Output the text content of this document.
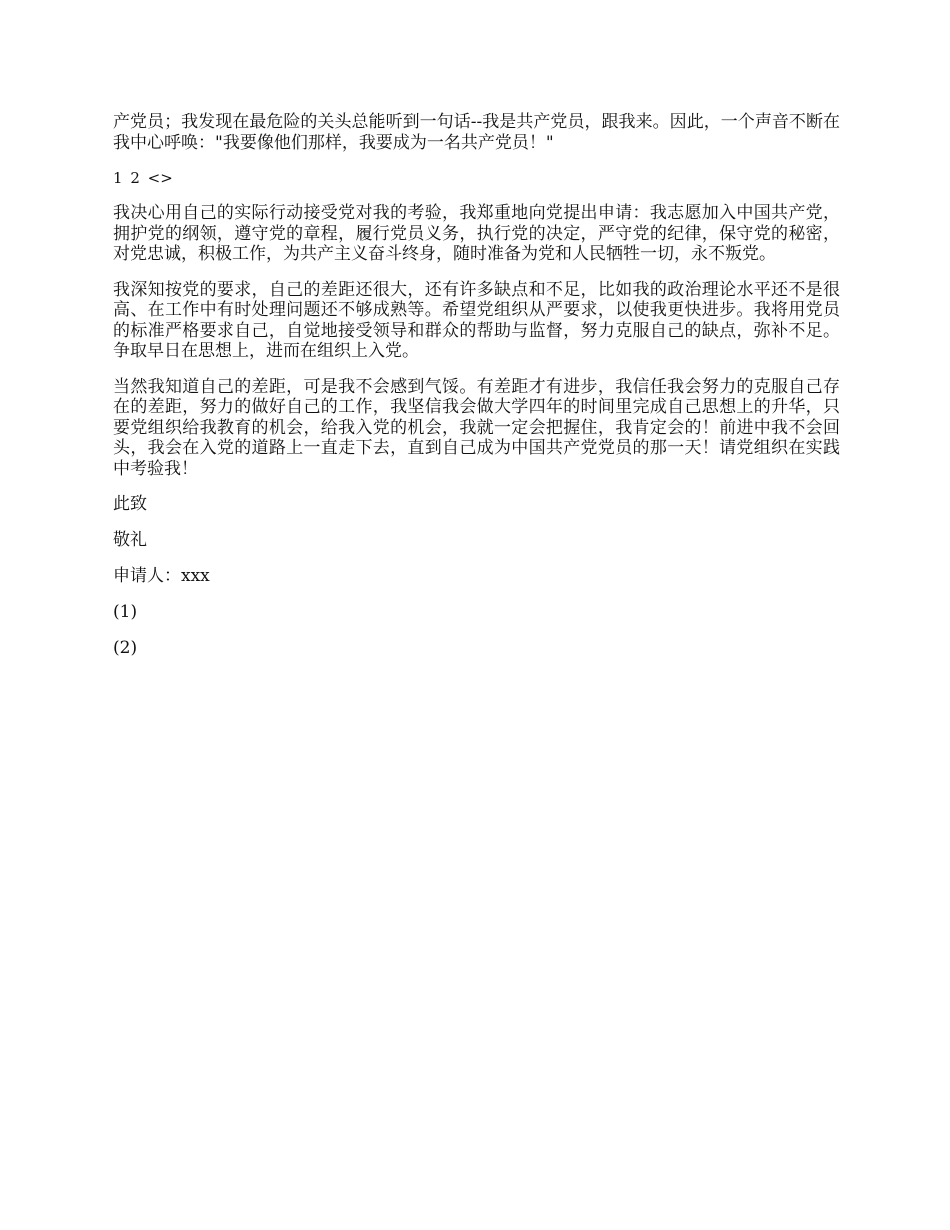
产党员；我发现在最危险的关头总能听到一句话--我是共产党员，跟我来。因此，一个声音不断在我中心呼唤："我要像他们那样，我要成为一名共产党员！"

1 2 <>

我决心用自己的实际行动接受党对我的考验，我郑重地向党提出申请：我志愿加入中国共产党，拥护党的纲领，遵守党的章程，履行党员义务，执行党的决定，严守党的纪律，保守党的秘密，对党忠诚，积极工作，为共产主义奋斗终身，随时准备为党和人民牺牲一切，永不叛党。

我深知按党的要求，自己的差距还很大，还有许多缺点和不足，比如我的政治理论水平还不是很高、在工作中有时处理问题还不够成熟等。希望党组织从严要求，以使我更快进步。我将用党员的标准严格要求自己，自觉地接受领导和群众的帮助与监督，努力克服自己的缺点，弥补不足。争取早日在思想上，进而在组织上入党。

当然我知道自己的差距，可是我不会感到气馁。有差距才有进步，我信任我会努力的克服自己存在的差距，努力的做好自己的工作，我坚信我会做大学四年的时间里完成自己思想上的升华，只要党组织给我教育的机会，给我入党的机会，我就一定会把握住，我肯定会的！前进中我不会回头，我会在入党的道路上一直走下去，直到自己成为中国共产党党员的那一天！请党组织在实践中考验我！

此致

敬礼

申请人：xxx

(1)

(2)
